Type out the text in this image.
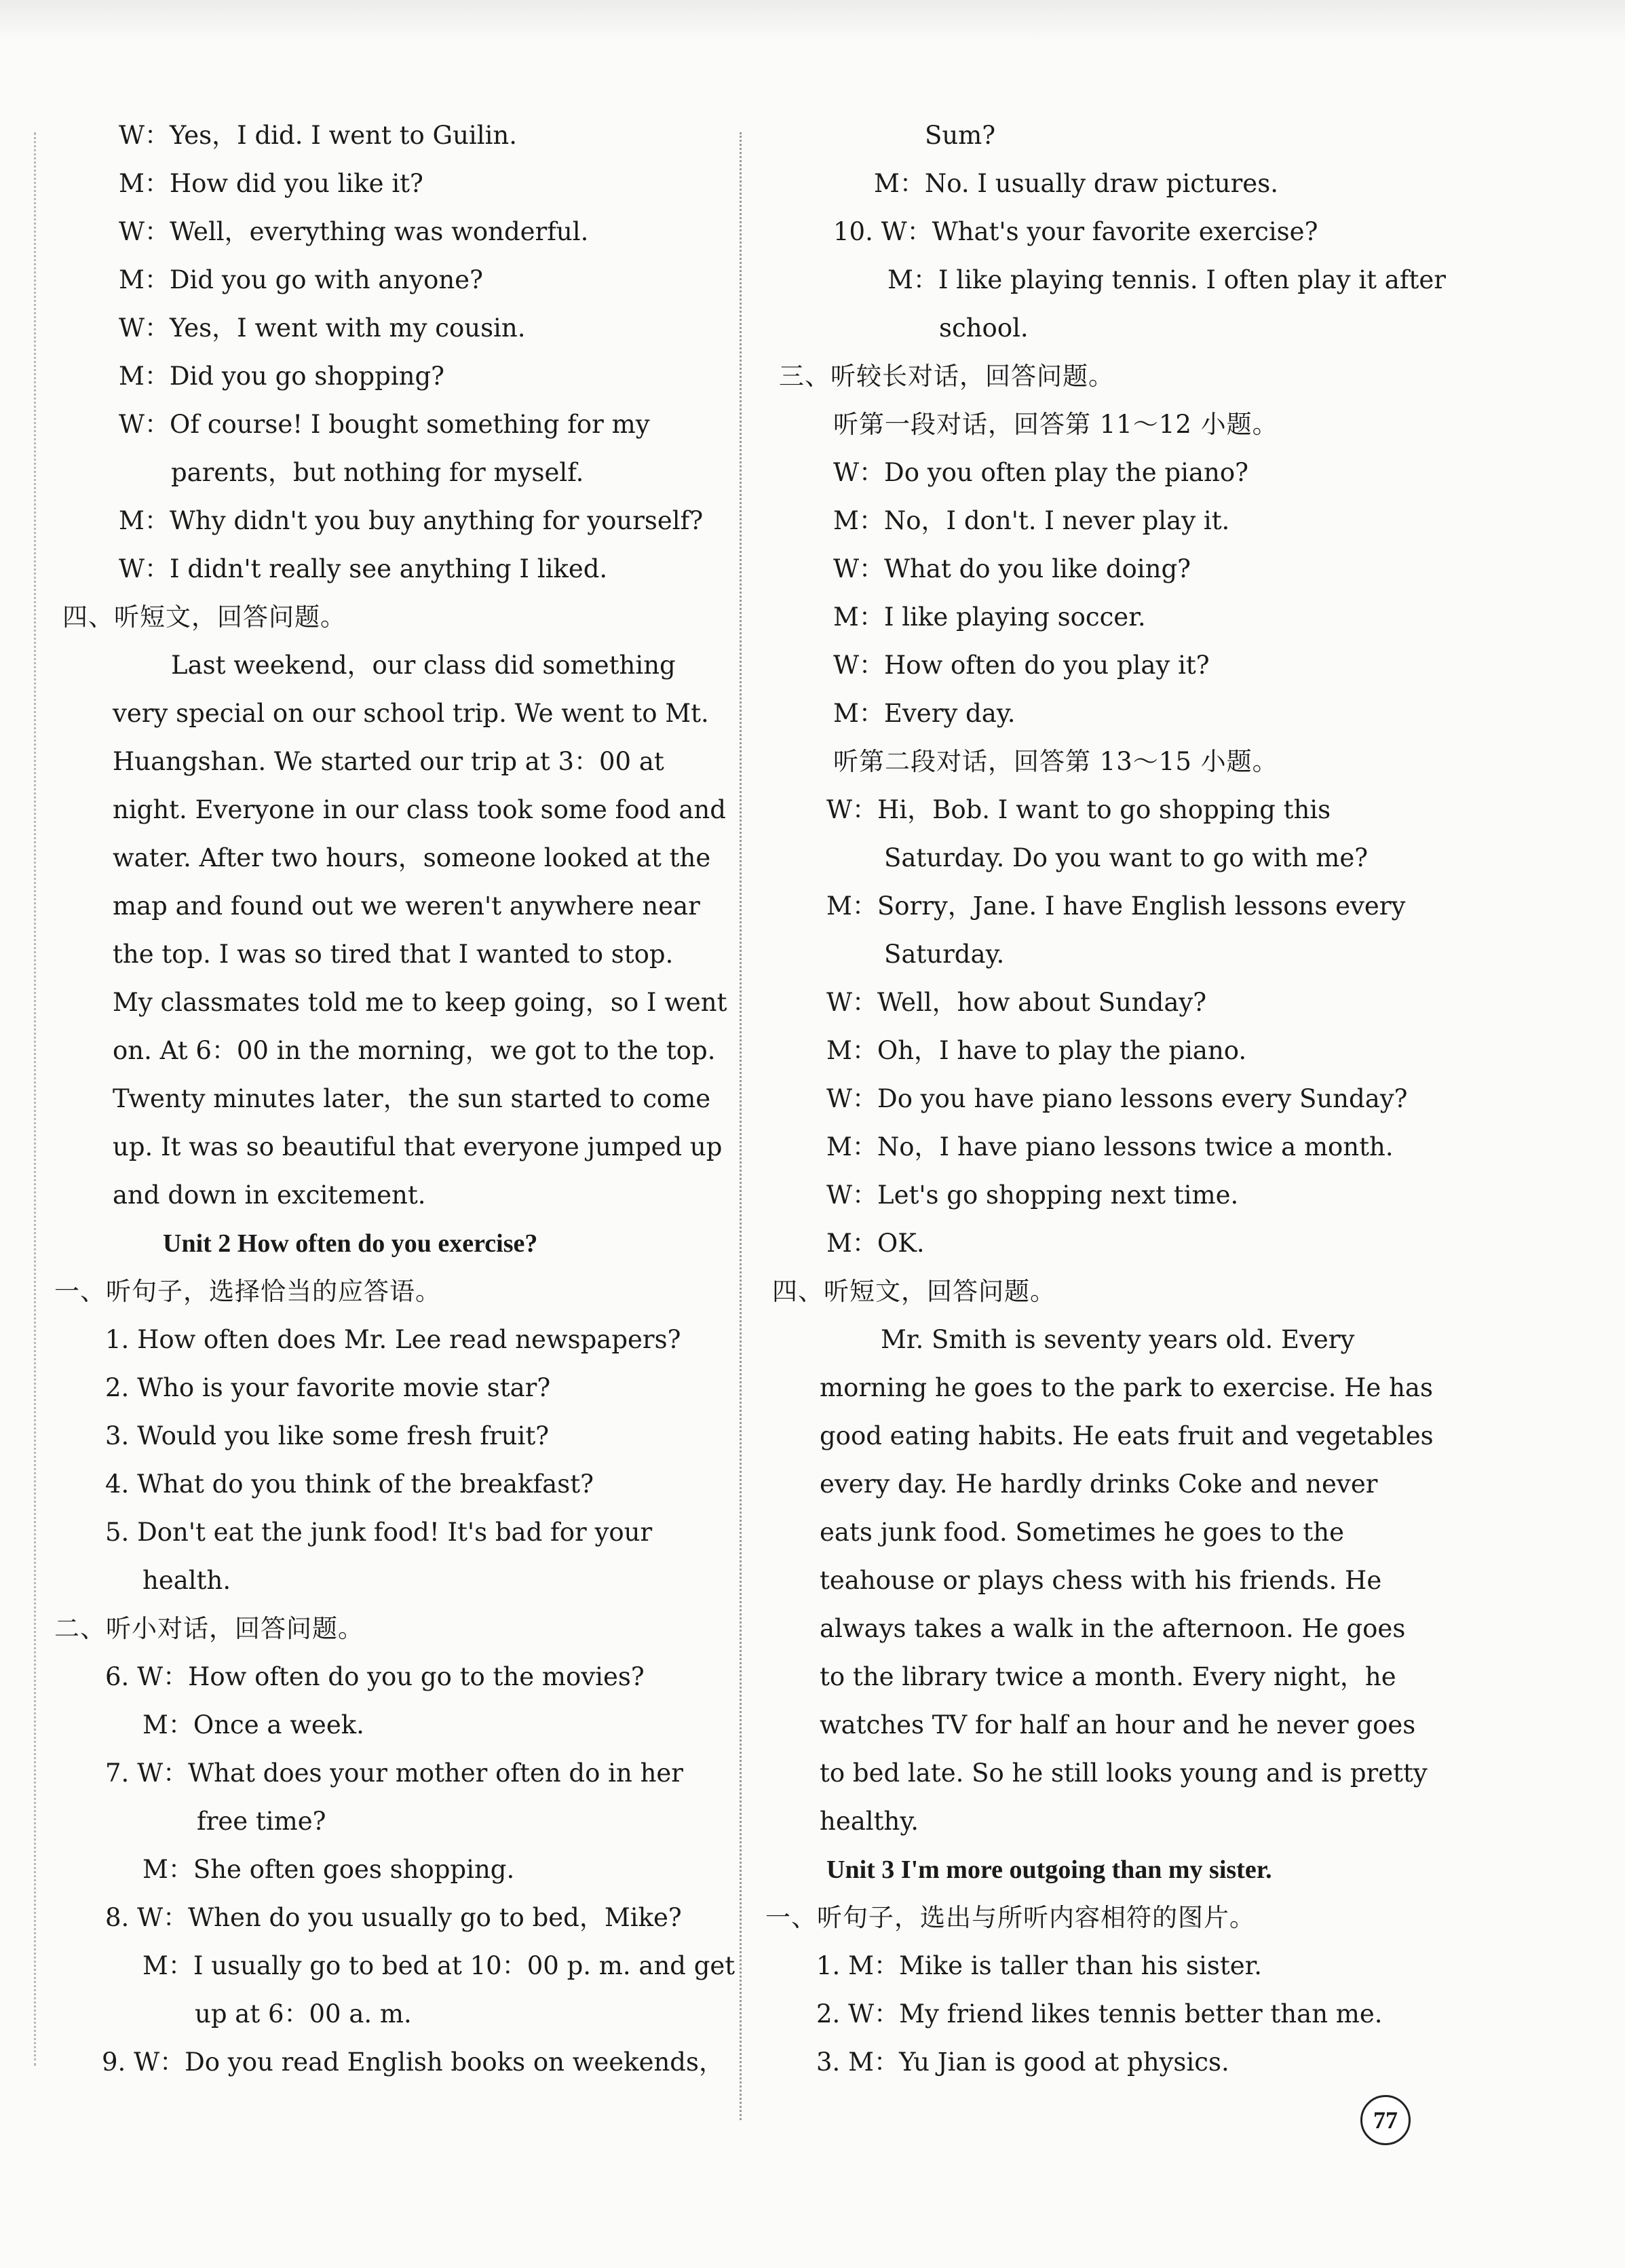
W：Yes，I did. I went to Guilin.
M：How did you like it?
W：Well，everything was wonderful.
M：Did you go with anyone?
W：Yes，I went with my cousin.
M：Did you go shopping?
W：Of course! I bought something for my
parents，but nothing for myself.
M：Why didn't you buy anything for yourself?
W：I didn't really see anything I liked.
四、听短文，回答问题。
Last weekend，our class did something
very special on our school trip. We went to Mt.
Huangshan. We started our trip at 3：00 at
night. Everyone in our class took some food and
water. After two hours，someone looked at the
map and found out we weren't anywhere near
the top. I was so tired that I wanted to stop.
My classmates told me to keep going，so I went
on. At 6：00 in the morning，we got to the top.
Twenty minutes later，the sun started to come
up. It was so beautiful that everyone jumped up
and down in excitement.
Unit 2 How often do you exercise?
一、听句子，选择恰当的应答语。
1. How often does Mr. Lee read newspapers?
2. Who is your favorite movie star?
3. Would you like some fresh fruit?
4. What do you think of the breakfast?
5. Don't eat the junk food! It's bad for your
health.
二、听小对话，回答问题。
6. W：How often do you go to the movies?
M：Once a week.
7. W：What does your mother often do in her
free time?
M：She often goes shopping.
8. W：When do you usually go to bed，Mike?
M：I usually go to bed at 10：00 p. m. and get
up at 6：00 a. m.
9. W：Do you read English books on weekends，
Sum?
M：No. I usually draw pictures.
10. W：What's your favorite exercise?
M：I like playing tennis. I often play it after
school.
三、听较长对话，回答问题。
听第一段对话，回答第 11～12 小题。
W：Do you often play the piano?
M：No，I don't. I never play it.
W：What do you like doing?
M：I like playing soccer.
W：How often do you play it?
M：Every day.
听第二段对话，回答第 13～15 小题。
W：Hi，Bob. I want to go shopping this
Saturday. Do you want to go with me?
M：Sorry，Jane. I have English lessons every
Saturday.
W：Well，how about Sunday?
M：Oh，I have to play the piano.
W：Do you have piano lessons every Sunday?
M：No，I have piano lessons twice a month.
W：Let's go shopping next time.
M：OK.
四、听短文，回答问题。
Mr. Smith is seventy years old. Every
morning he goes to the park to exercise. He has
good eating habits. He eats fruit and vegetables
every day. He hardly drinks Coke and never
eats junk food. Sometimes he goes to the
teahouse or plays chess with his friends. He
always takes a walk in the afternoon. He goes
to the library twice a month. Every night，he
watches TV for half an hour and he never goes
to bed late. So he still looks young and is pretty
healthy.
Unit 3 I'm more outgoing than my sister.
一、听句子，选出与所听内容相符的图片。
1. M：Mike is taller than his sister.
2. W：My friend likes tennis better than me.
3. M：Yu Jian is good at physics.
77
